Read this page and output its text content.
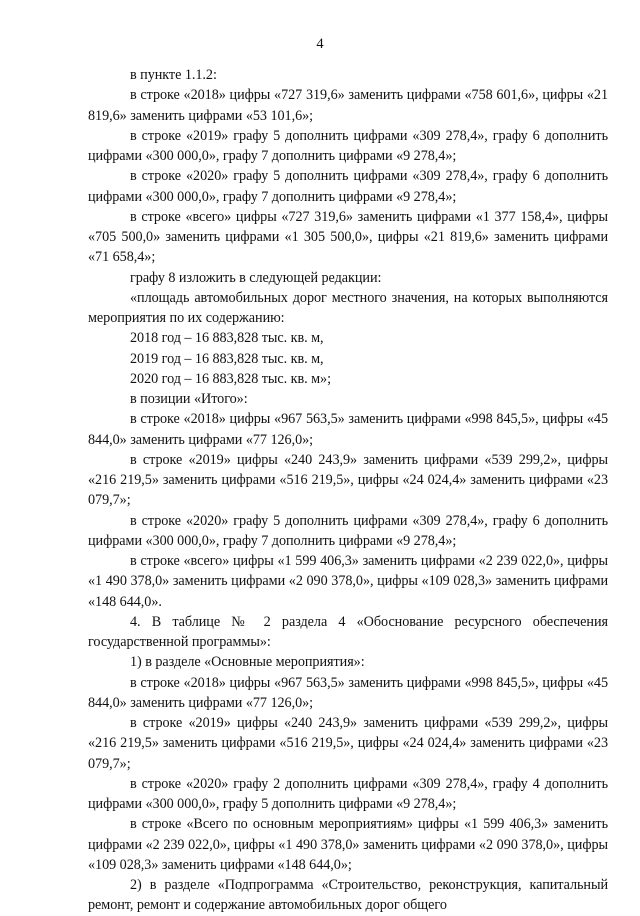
4

в пункте 1.1.2:

в строке «2018» цифры «727 319,6» заменить цифрами «758 601,6», цифры «21 819,6» заменить цифрами «53 101,6»;

в строке «2019» графу 5 дополнить цифрами «309 278,4», графу 6 дополнить цифрами «300 000,0», графу 7 дополнить цифрами «9 278,4»;

в строке «2020» графу 5 дополнить цифрами «309 278,4», графу 6 дополнить цифрами «300 000,0», графу 7 дополнить цифрами «9 278,4»;

в строке «всего» цифры «727 319,6» заменить цифрами «1 377 158,4», цифры «705 500,0» заменить цифрами «1 305 500,0», цифры «21 819,6» заменить цифрами «71 658,4»;

графу 8 изложить в следующей редакции:

«площадь автомобильных дорог местного значения, на которых выполняются мероприятия по их содержанию:

2018 год – 16 883,828 тыс. кв. м,

2019 год – 16 883,828 тыс. кв. м,

2020 год – 16 883,828 тыс. кв. м»;

в позиции «Итого»:

в строке «2018» цифры «967 563,5» заменить цифрами «998 845,5», цифры «45 844,0» заменить цифрами «77 126,0»;

в строке «2019» цифры «240 243,9» заменить цифрами «539 299,2», цифры «216 219,5» заменить цифрами «516 219,5», цифры «24 024,4» заменить цифрами «23 079,7»;

в строке «2020» графу 5 дополнить цифрами «309 278,4», графу 6 дополнить цифрами «300 000,0», графу 7 дополнить цифрами «9 278,4»;

в строке «всего» цифры «1 599 406,3» заменить цифрами «2 239 022,0», цифры «1 490 378,0» заменить цифрами «2 090 378,0», цифры «109 028,3» заменить цифрами «148 644,0».

4. В таблице № 2 раздела 4 «Обоснование ресурсного обеспечения государственной программы»:

1) в разделе «Основные мероприятия»:

в строке «2018» цифры «967 563,5» заменить цифрами «998 845,5», цифры «45 844,0» заменить цифрами «77 126,0»;

в строке «2019» цифры «240 243,9» заменить цифрами «539 299,2», цифры «216 219,5» заменить цифрами «516 219,5», цифры «24 024,4» заменить цифрами «23 079,7»;

в строке «2020» графу 2 дополнить цифрами «309 278,4», графу 4 дополнить цифрами «300 000,0», графу 5 дополнить цифрами «9 278,4»;

в строке «Всего по основным мероприятиям» цифры «1 599 406,3» заменить цифрами «2 239 022,0», цифры «1 490 378,0» заменить цифрами «2 090 378,0», цифры «109 028,3» заменить цифрами «148 644,0»;

2) в разделе «Подпрограмма «Строительство, реконструкция, капитальный ремонт, ремонт и содержание автомобильных дорог общего
